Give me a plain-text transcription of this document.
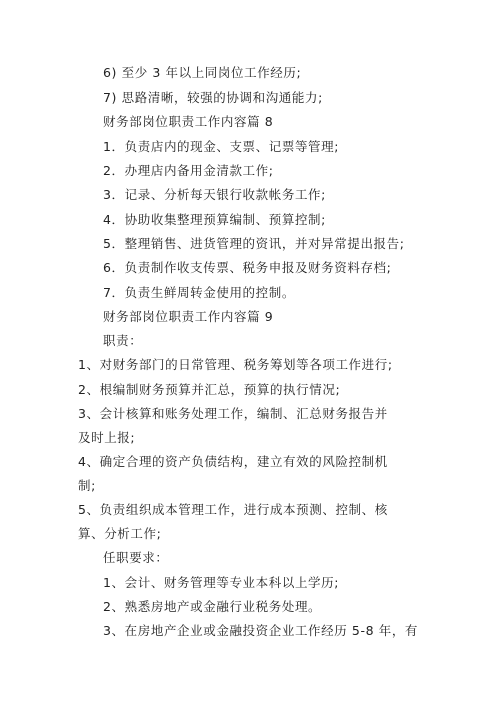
6) 至少 3 年以上同岗位工作经历;
7) 思路清晰，较强的协调和沟通能力;
财务部岗位职责工作内容篇 8
1．负责店内的现金、支票、记票等管理;
2．办理店内备用金清款工作;
3．记录、分析每天银行收款帐务工作;
4．协助收集整理预算编制、预算控制;
5．整理销售、进货管理的资讯，并对异常提出报告;
6．负责制作收支传票、税务申报及财务资料存档;
7．负责生鲜周转金使用的控制。
财务部岗位职责工作内容篇 9
职责：
1、对财务部门的日常管理、税务筹划等各项工作进行;
2、根编制财务预算并汇总，预算的执行情况;
3、会计核算和账务处理工作，编制、汇总财务报告并
及时上报;
4、确定合理的资产负债结构，建立有效的风险控制机
制;
5、负责组织成本管理工作，进行成本预测、控制、核
算、分析工作;
任职要求：
1、会计、财务管理等专业本科以上学历;
2、熟悉房地产或金融行业税务处理。
3、在房地产企业或金融投资企业工作经历 5-8 年，有
